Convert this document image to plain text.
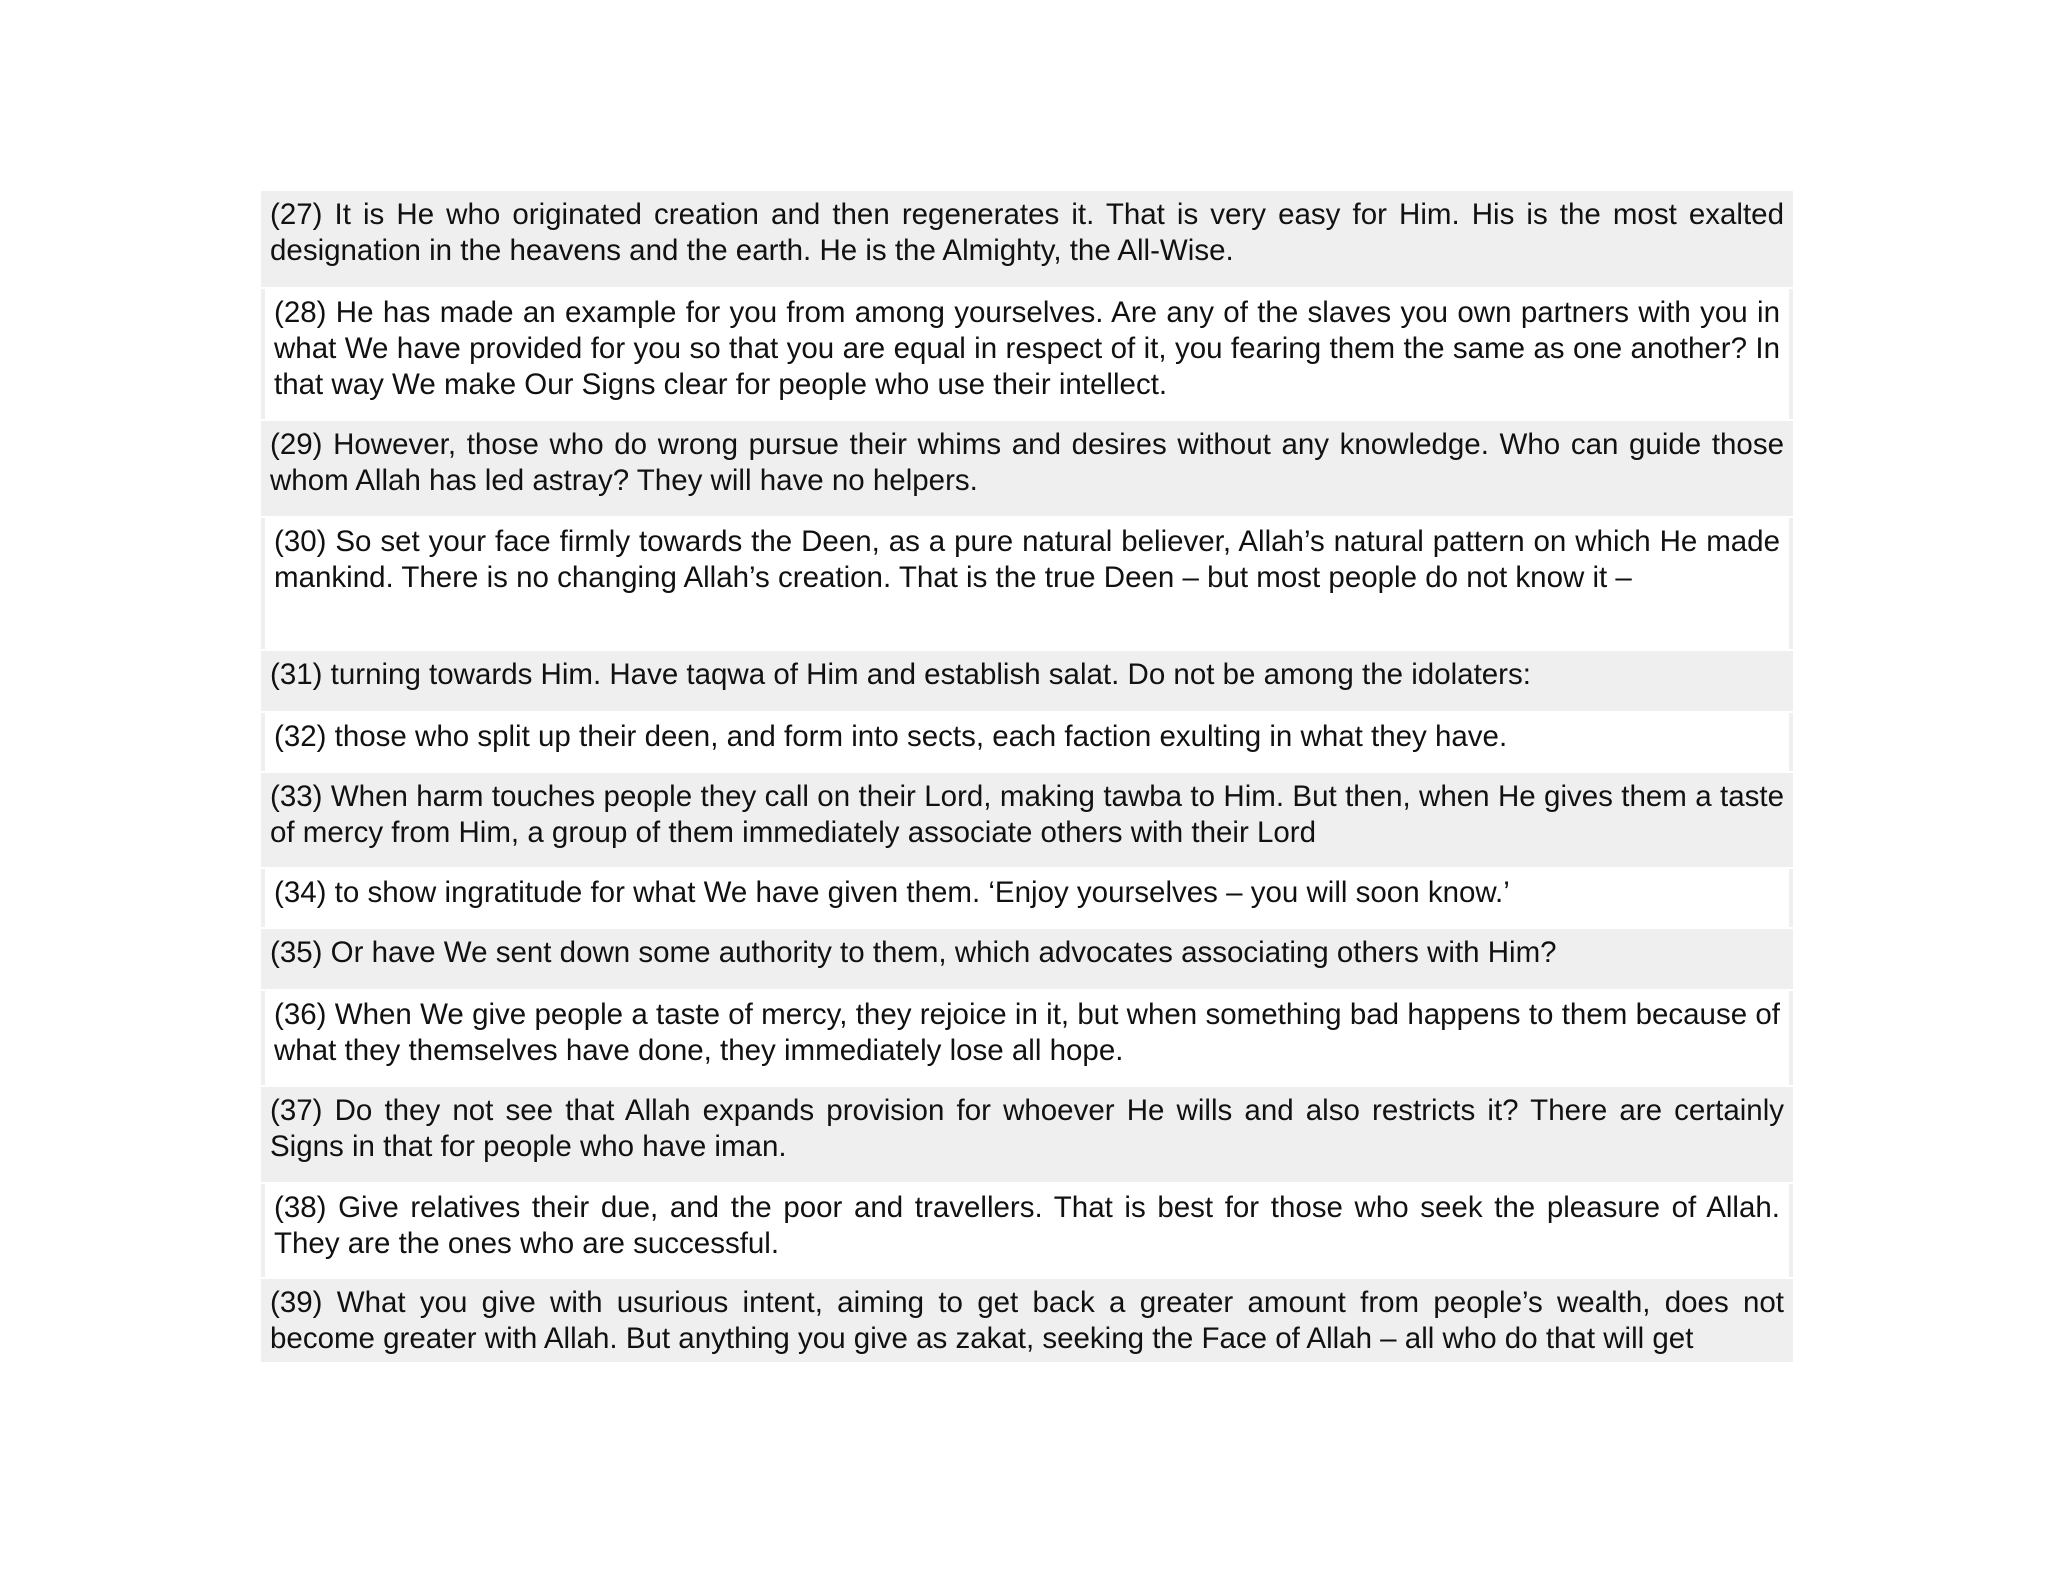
(27) It is He who originated creation and then regenerates it. That is very easy for Him. His is the most exalted designation in the heavens and the earth. He is the Almighty, the All-Wise.
(28) He has made an example for you from among yourselves. Are any of the slaves you own partners with you in what We have provided for you so that you are equal in respect of it, you fearing them the same as one another? In that way We make Our Signs clear for people who use their intellect.
(29) However, those who do wrong pursue their whims and desires without any knowledge. Who can guide those whom Allah has led astray? They will have no helpers.
(30) So set your face firmly towards the Deen, as a pure natural believer, Allah’s natural pattern on which He made mankind. There is no changing Allah’s creation. That is the true Deen – but most people do not know it –
(31) turning towards Him. Have taqwa of Him and establish salat. Do not be among the idolaters:
(32) those who split up their deen, and form into sects, each faction exulting in what they have.
(33) When harm touches people they call on their Lord, making tawba to Him. But then, when He gives them a taste of mercy from Him, a group of them immediately associate others with their Lord
(34) to show ingratitude for what We have given them. ‘Enjoy yourselves – you will soon know.’
(35) Or have We sent down some authority to them, which advocates associating others with Him?
(36) When We give people a taste of mercy, they rejoice in it, but when something bad happens to them because of what they themselves have done, they immediately lose all hope.
(37) Do they not see that Allah expands provision for whoever He wills and also restricts it? There are certainly Signs in that for people who have iman.
(38) Give relatives their due, and the poor and travellers. That is best for those who seek the pleasure of Allah. They are the ones who are successful.
(39) What you give with usurious intent, aiming to get back a greater amount from people’s wealth, does not become greater with Allah. But anything you give as zakat, seeking the Face of Allah – all who do that will get
